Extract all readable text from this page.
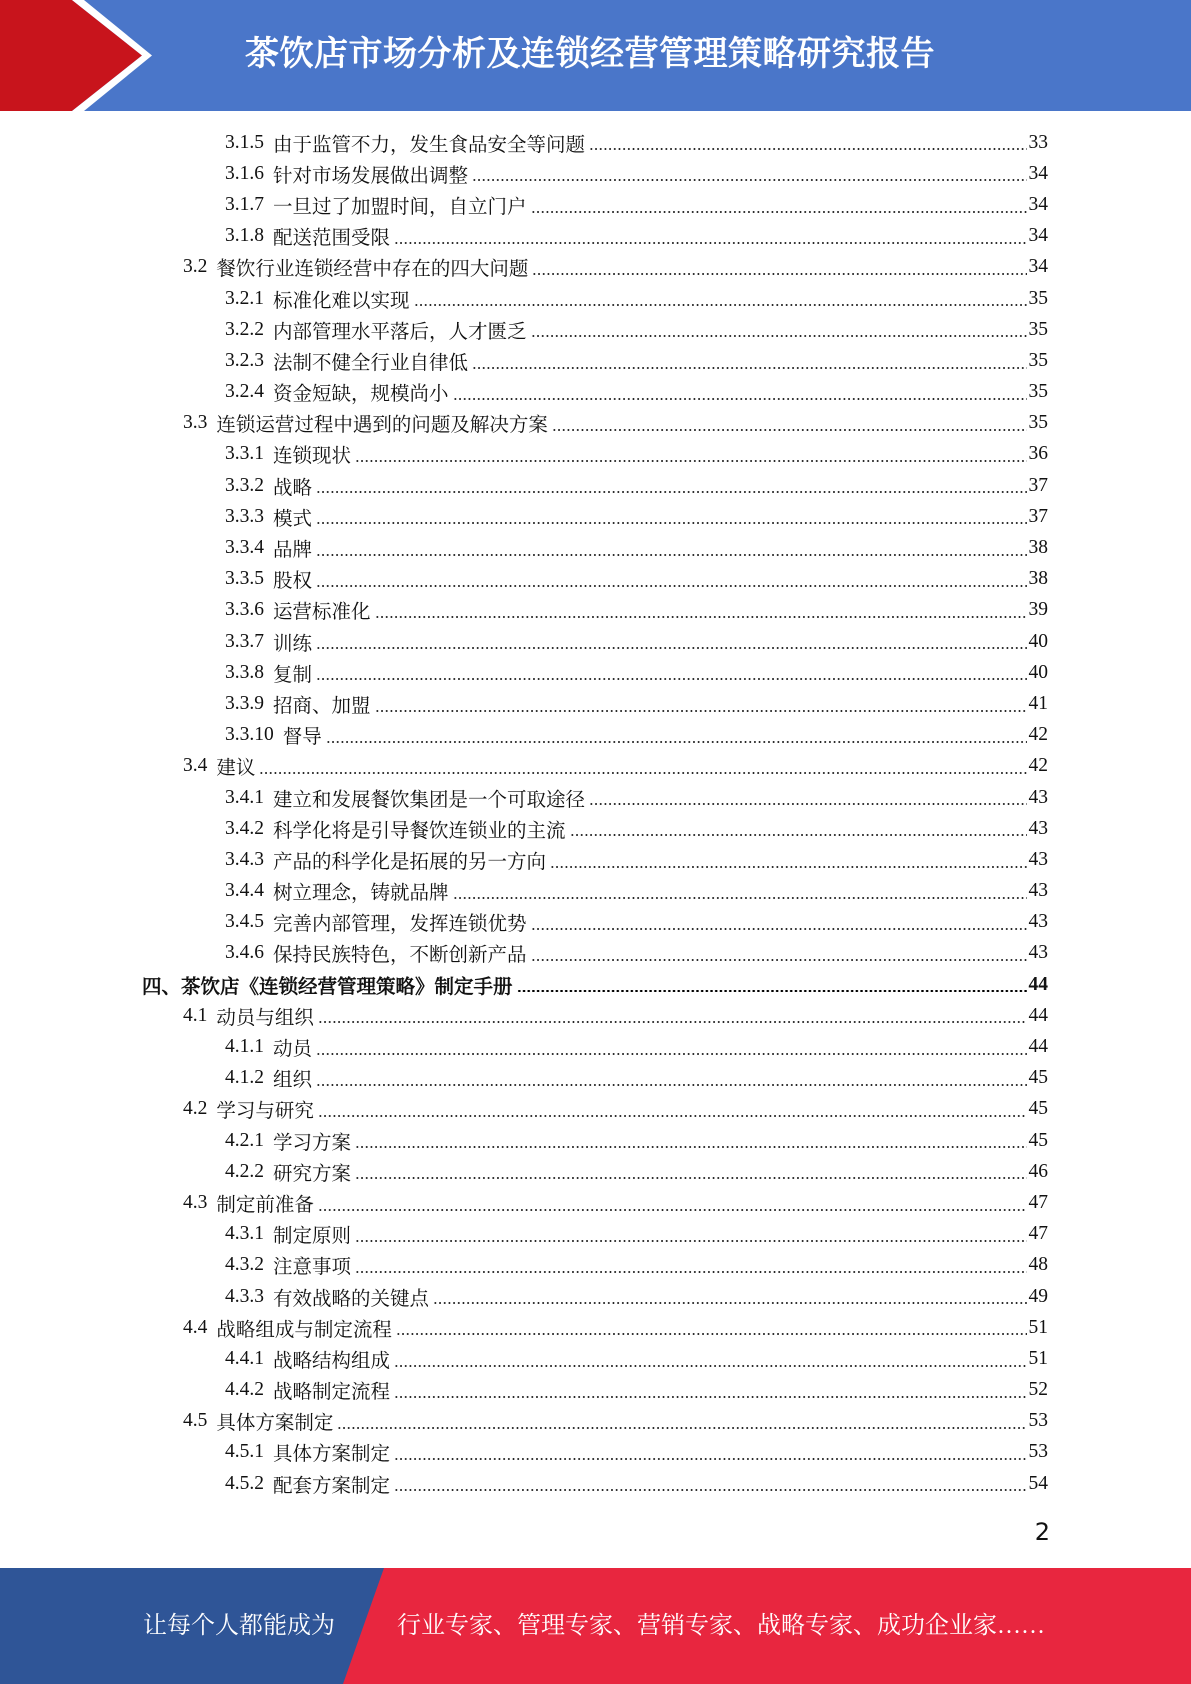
茶饮店市场分析及连锁经营管理策略研究报告
3.1.5 由于监管不力，发生食品安全等问题	33
3.1.6 针对市场发展做出调整	34
3.1.7 一旦过了加盟时间，自立门户	34
3.1.8 配送范围受限	34
3.2 餐饮行业连锁经营中存在的四大问题	34
3.2.1 标准化难以实现	35
3.2.2 内部管理水平落后，人才匮乏	35
3.2.3 法制不健全行业自律低	35
3.2.4 资金短缺，规模尚小	35
3.3 连锁运营过程中遇到的问题及解决方案	35
3.3.1 连锁现状	36
3.3.2 战略	37
3.3.3 模式	37
3.3.4 品牌	38
3.3.5 股权	38
3.3.6 运营标准化	39
3.3.7 训练	40
3.3.8 复制	40
3.3.9 招商、加盟	41
3.3.10 督导	42
3.4 建议	42
3.4.1 建立和发展餐饮集团是一个可取途径	43
3.4.2 科学化将是引导餐饮连锁业的主流	43
3.4.3 产品的科学化是拓展的另一方向	43
3.4.4 树立理念，铸就品牌	43
3.4.5 完善内部管理，发挥连锁优势	43
3.4.6 保持民族特色，不断创新产品	43
四、茶饮店《连锁经营管理策略》制定手册	44
4.1 动员与组织	44
4.1.1 动员	44
4.1.2 组织	45
4.2 学习与研究	45
4.2.1 学习方案	45
4.2.2 研究方案	46
4.3 制定前准备	47
4.3.1 制定原则	47
4.3.2 注意事项	48
4.3.3 有效战略的关键点	49
4.4 战略组成与制定流程	51
4.4.1 战略结构组成	51
4.4.2 战略制定流程	52
4.5 具体方案制定	53
4.5.1 具体方案制定	53
4.5.2 配套方案制定	54
2
让每个人都能成为	行业专家、管理专家、营销专家、战略专家、成功企业家……
